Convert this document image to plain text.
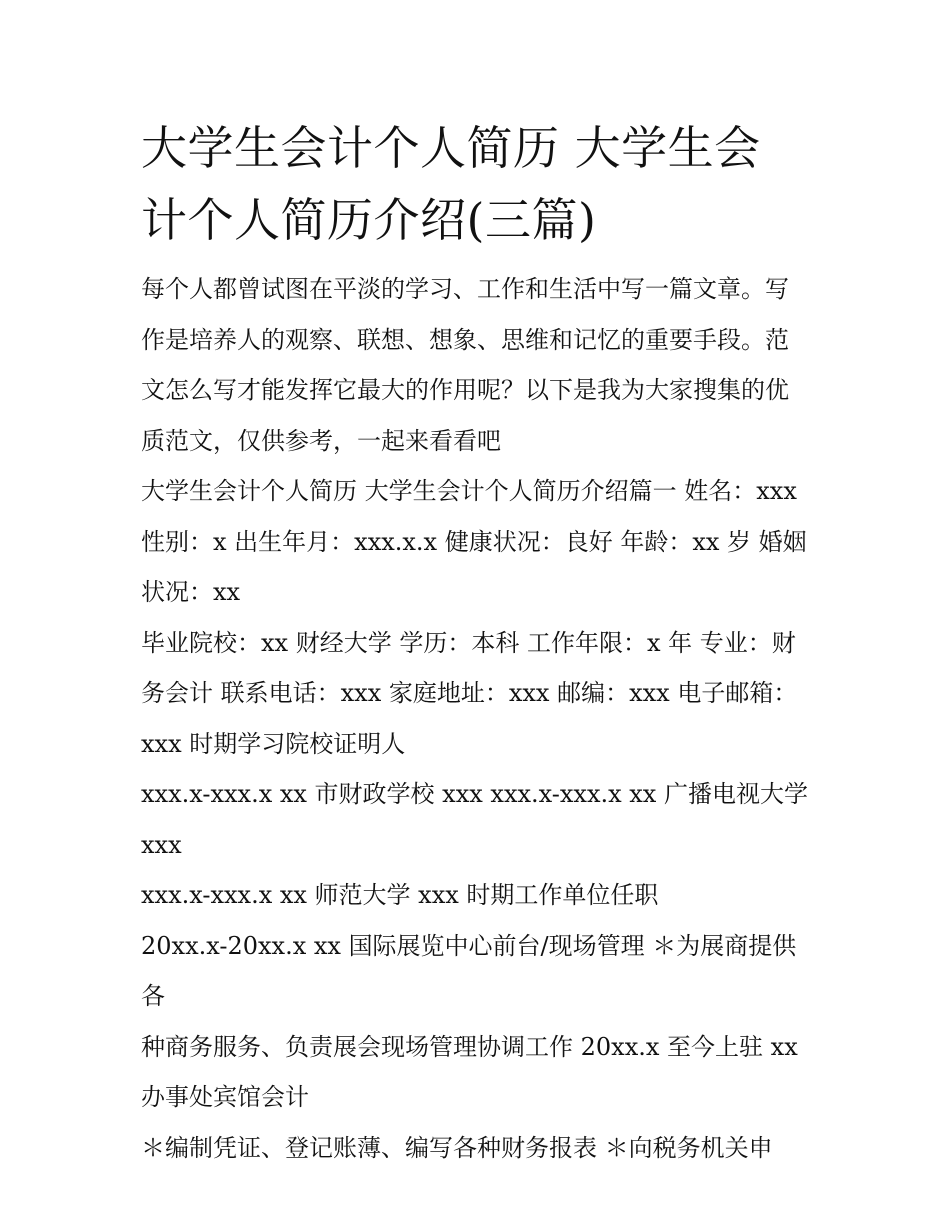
大学生会计个人简历 大学生会
计个人简历介绍(三篇)
每个人都曾试图在平淡的学习、工作和生活中写一篇文章。写
作是培养人的观察、联想、想象、思维和记忆的重要手段。范
文怎么写才能发挥它最大的作用呢？以下是我为大家搜集的优
质范文，仅供参考，一起来看看吧
大学生会计个人简历 大学生会计个人简历介绍篇一 姓名：xxx
性别：x 出生年月：xxx.x.x 健康状况：良好 年龄：xx 岁 婚姻
状况：xx
毕业院校：xx 财经大学 学历：本科 工作年限：x 年 专业：财
务会计 联系电话：xxx 家庭地址：xxx 邮编：xxx 电子邮箱：
xxx 时期学习院校证明人
xxx.x-xxx.x xx 市财政学校 xxx xxx.x-xxx.x xx 广播电视大学 xxx
xxx.x-xxx.x xx 师范大学 xxx 时期工作单位任职
20xx.x-20xx.x xx 国际展览中心前台/现场管理 ＊为展商提供各
种商务服务、负责展会现场管理协调工作 20xx.x 至今上驻 xx
办事处宾馆会计
＊编制凭证、登记账薄、编写各种财务报表 ＊向税务机关申
